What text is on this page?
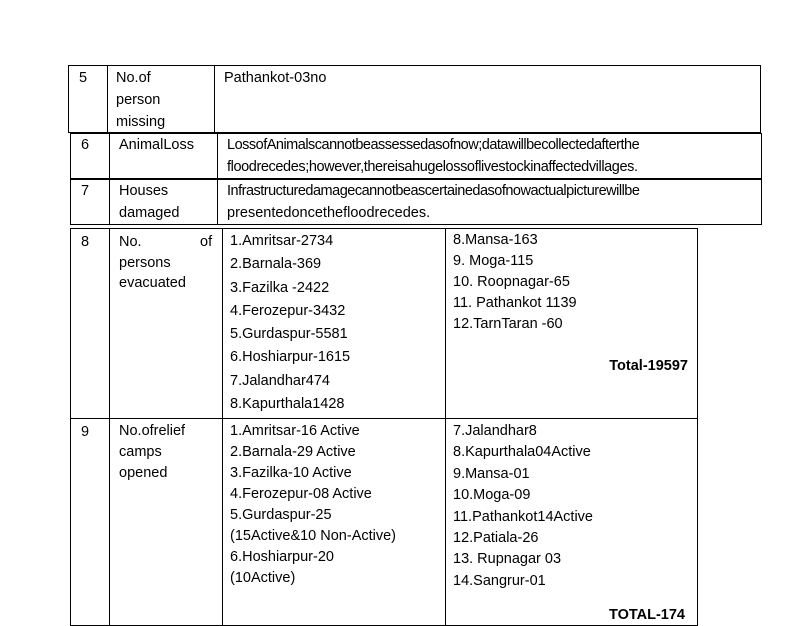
5 No.of
person
missing
Pathankot-03no
6 AnimalLoss LossofAnimalscannotbeassessedasofnow;datawillbecollectedafterthe
floodrecedes;however,thereisahugelossoflivestockinaffectedvillages.
7 Houses
damaged
Infrastructuredamagecannotbeascertainedasofnowactualpicturewillbe
presentedoncethefloodrecedes.
8 No.	of
persons
evacuated
1.Amritsar-2734
2.Barnala-369
3.Fazilka -2422
4.Ferozepur-3432
5.Gurdaspur-5581
6.Hoshiarpur-1615
7.Jalandhar474
8.Kapurthala1428
8.Mansa-163
9. Moga-115
10. Roopnagar-65
11. Pathankot 1139
12.TarnTaran -60
Total-19597
9 No.ofrelief
camps
opened
1.Amritsar-16 Active
2.Barnala-29 Active
3.Fazilka-10 Active
4.Ferozepur-08 Active
5.Gurdaspur-25
(15Active&10 Non-Active)
6.Hoshiarpur-20
(10Active)
7.Jalandhar8
8.Kapurthala04Active
9.Mansa-01
10.Moga-09
11.Pathankot14Active
12.Patiala-26
13. Rupnagar 03
14.Sangrur-01
TOTAL-174
